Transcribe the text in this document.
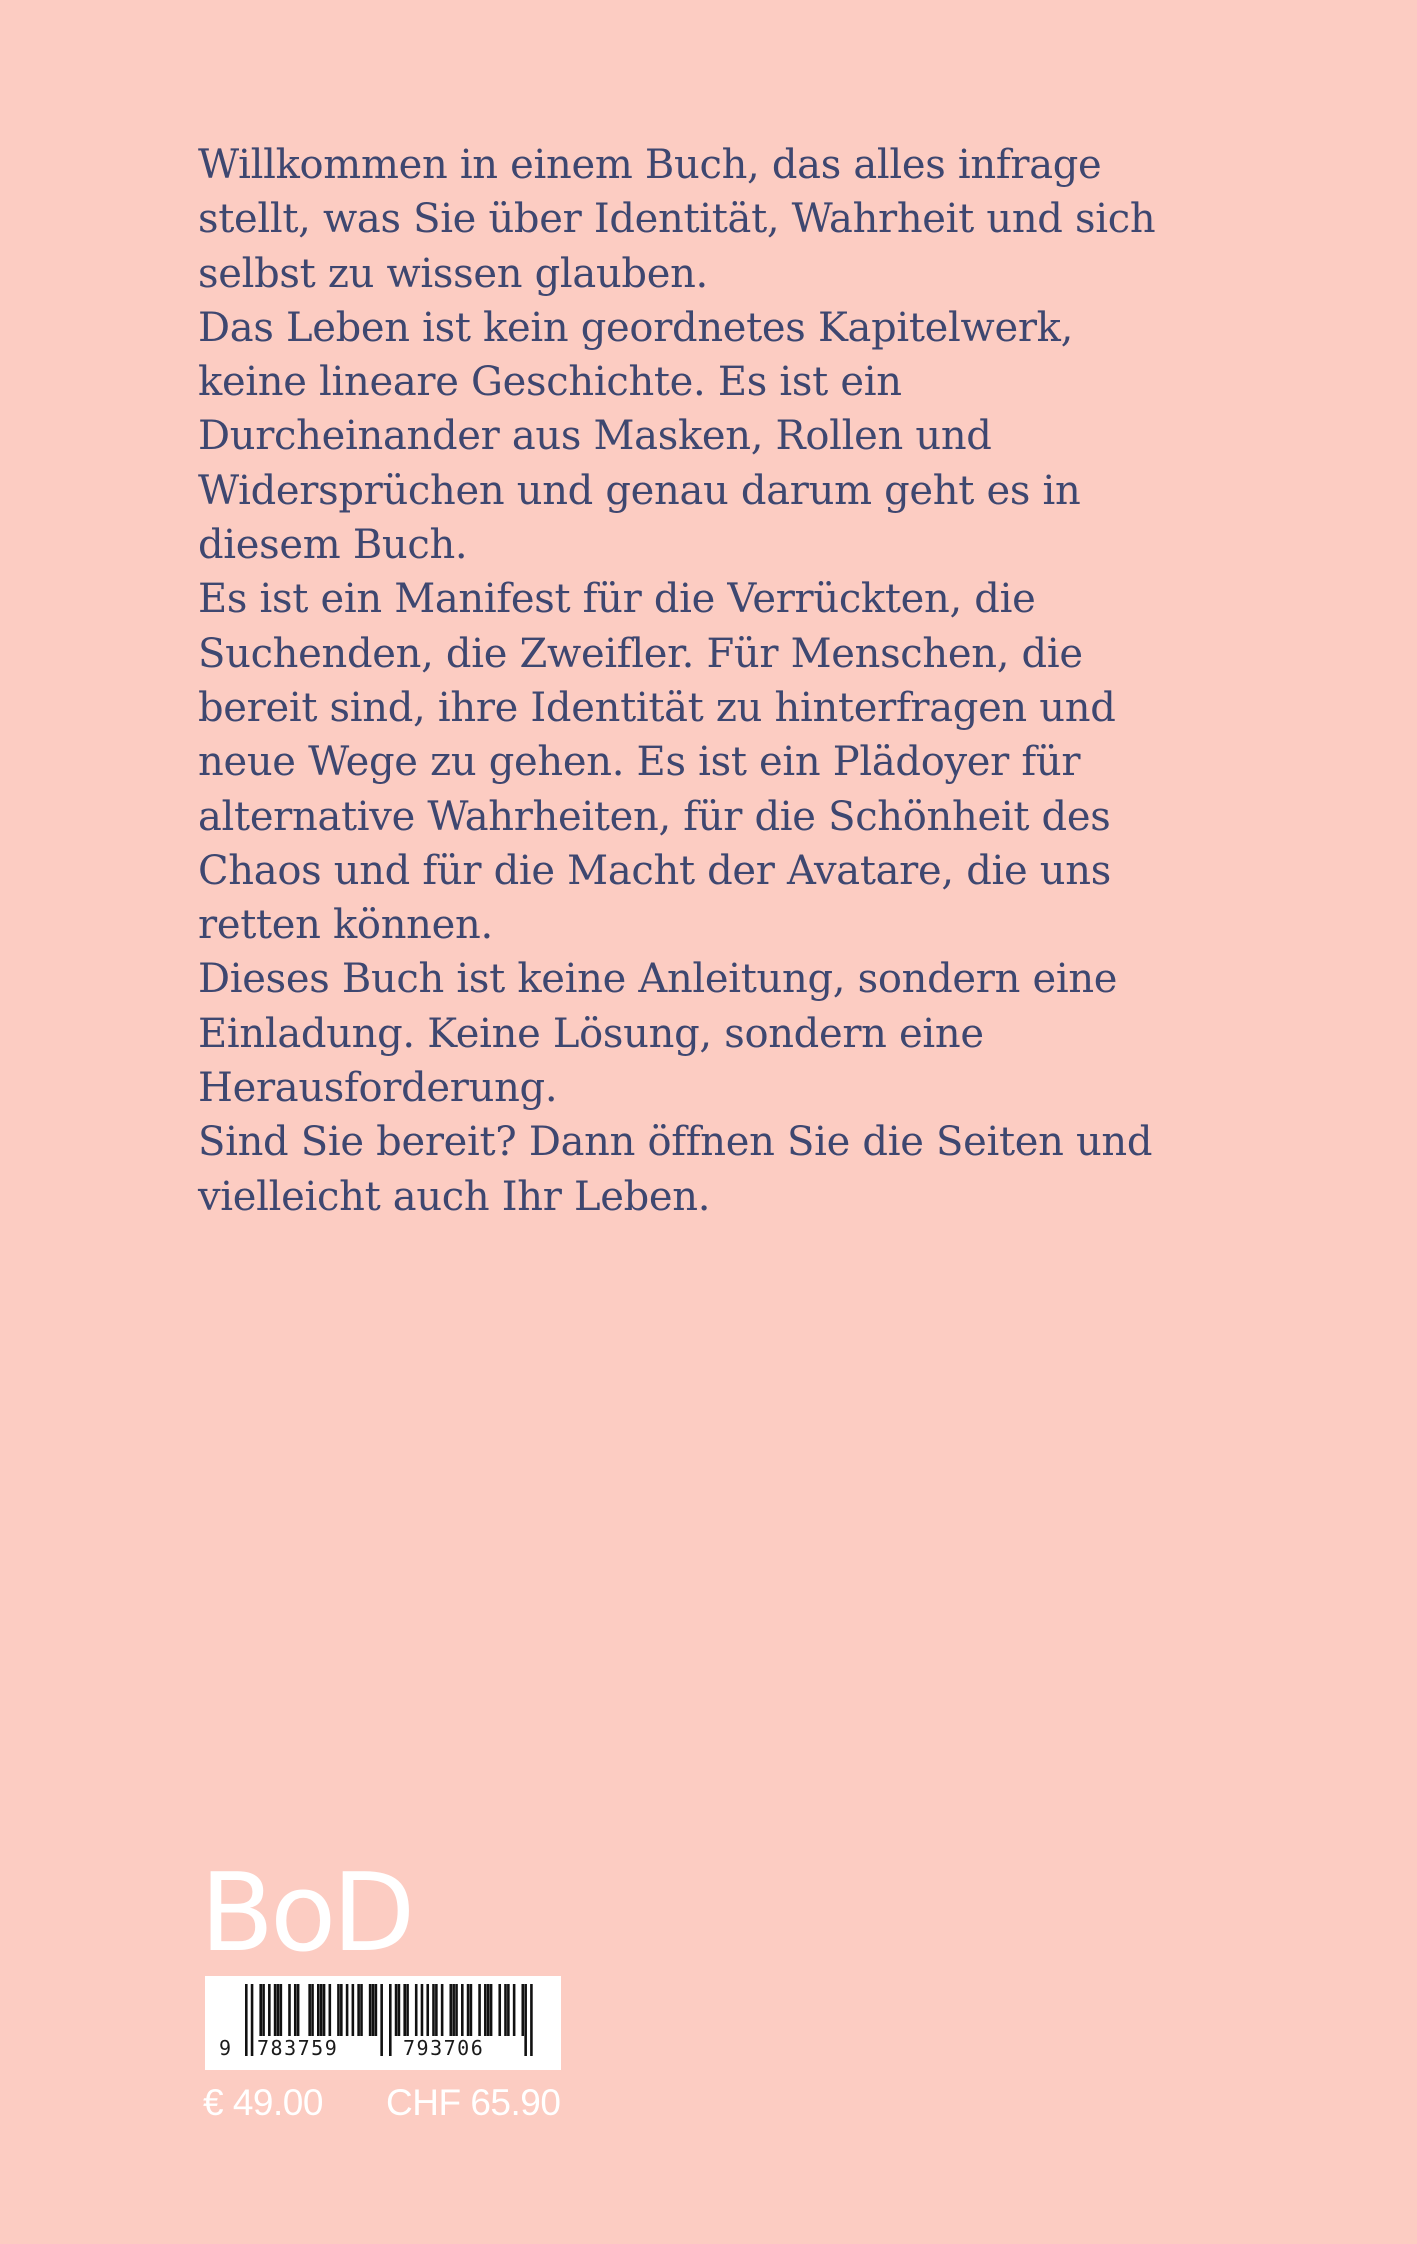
Willkommen in einem Buch, das alles infrage
stellt, was Sie über Identität, Wahrheit und sich
selbst zu wissen glauben.
Das Leben ist kein geordnetes Kapitelwerk,
keine lineare Geschichte. Es ist ein
Durcheinander aus Masken, Rollen und
Widersprüchen und genau darum geht es in
diesem Buch.
Es ist ein Manifest für die Verrückten, die
Suchenden, die Zweifler. Für Menschen, die
bereit sind, ihre Identität zu hinterfragen und
neue Wege zu gehen. Es ist ein Plädoyer für
alternative Wahrheiten, für die Schönheit des
Chaos und für die Macht der Avatare, die uns
retten können.
Dieses Buch ist keine Anleitung, sondern eine
Einladung. Keine Lösung, sondern eine
Herausforderung.
Sind Sie bereit? Dann öffnen Sie die Seiten und
vielleicht auch Ihr Leben.
BoD
9 783759	793706
€ 49.00 CHF 65.90
